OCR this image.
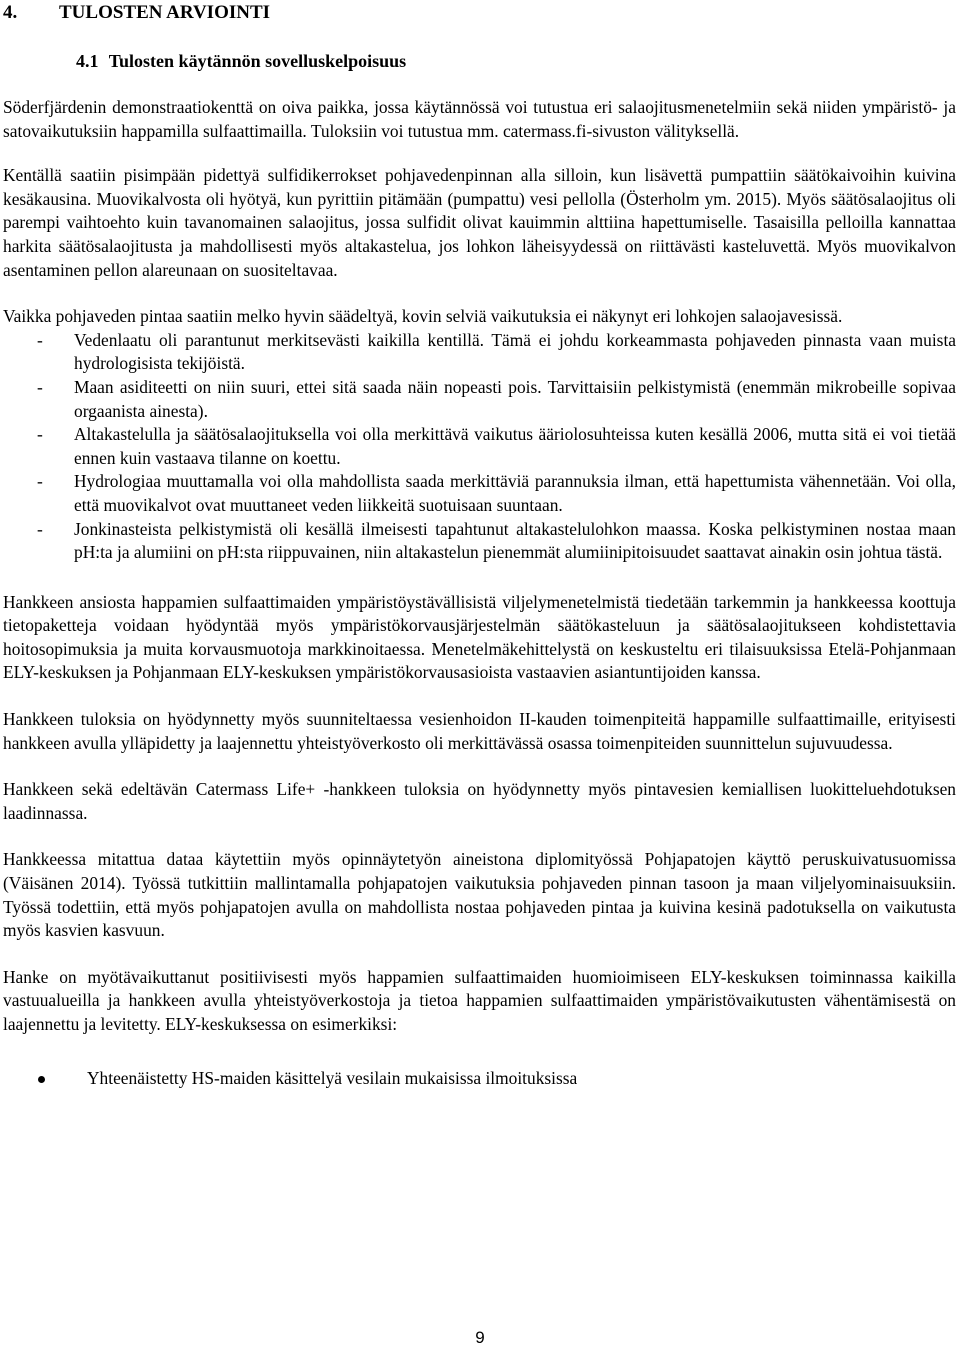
4. TULOSTEN ARVIOINTI
4.1 Tulosten käytännön sovelluskelpoisuus

Söderfjärdenin demonstraatiokenttä on oiva paikka, jossa käytännössä voi tutustua eri salaojitusmenetelmiin sekä niiden ympäristö- ja satovaikutuksiin happamilla sulfaattimailla. Tuloksiin voi tutustua mm. catermass.fi-sivuston välityksellä.

Kentällä saatiin pisimpään pidettyä sulfidikerrokset pohjavedenpinnan alla silloin, kun lisävettä pumpattiin säätökaivoihin kuivina kesäkausina. Muovikalvosta oli hyötyä, kun pyrittiin pitämään (pumpattu) vesi pellolla (Österholm ym. 2015). Myös säätösalaojitus oli parempi vaihtoehto kuin tavanomainen salaojitus, jossa sulfidit olivat kauimmin alttiina hapettumiselle. Tasaisilla pelloilla kannattaa harkita säätösalaojitusta ja mahdollisesti myös altakastelua, jos lohkon läheisyydessä on riittävästi kasteluvettä. Myös muovikalvon asentaminen pellon alareunaan on suositeltavaa.

Vaikka pohjaveden pintaa saatiin melko hyvin säädeltyä, kovin selviä vaikutuksia ei näkynyt eri lohkojen salaojavesissä.

- Vedenlaatu oli parantunut merkitsevästi kaikilla kentillä. Tämä ei johdu korkeammasta pohjaveden pinnasta vaan muista hydrologisista tekijöistä.
- Maan asiditeetti on niin suuri, ettei sitä saada näin nopeasti pois. Tarvittaisiin pelkistymistä (enemmän mikrobeille sopivaa orgaanista ainesta).
- Altakastelulla ja säätösalaojituksella voi olla merkittävä vaikutus ääriolosuhteissa kuten kesällä 2006, mutta sitä ei voi tietää ennen kuin vastaava tilanne on koettu.
- Hydrologiaa muuttamalla voi olla mahdollista saada merkittäviä parannuksia ilman, että hapettumista vähennetään. Voi olla, että muovikalvot ovat muuttaneet veden liikkeitä suotuisaan suuntaan.
- Jonkinasteista pelkistymistä oli kesällä ilmeisesti tapahtunut altakastelulohkon maassa. Koska pelkistyminen nostaa maan pH:ta ja alumiini on pH:sta riippuvainen, niin altakastelun pienemmät alumiinipitoisuudet saattavat ainakin osin johtua tästä.

Hankkeen ansiosta happamien sulfaattimaiden ympäristöystävällisistä viljelymenetelmistä tiedetään tarkemmin ja hankkeessa koottuja tietopaketteja voidaan hyödyntää myös ympäristökorvausjärjestelmän säätökasteluun ja säätösalaojitukseen kohdistettavia hoitosopimuksia ja muita korvausmuotoja markkinoitaessa. Menetelmäkehittelystä on keskusteltu eri tilaisuuksissa Etelä-Pohjanmaan ELY-keskuksen ja Pohjanmaan ELY-keskuksen ympäristökorvausasioista vastaavien asiantuntijoiden kanssa.

Hankkeen tuloksia on hyödynnetty myös suunniteltaessa vesienhoidon II-kauden toimenpiteitä happamille sulfaattimaille, erityisesti hankkeen avulla ylläpidetty ja laajennettu yhteistyöverkosto oli merkittävässä osassa toimenpiteiden suunnittelun sujuvuudessa.

Hankkeen sekä edeltävän Catermass Life+ -hankkeen tuloksia on hyödynnetty myös pintavesien kemiallisen luokitteluehdotuksen laadinnassa.

Hankkeessa mitattua dataa käytettiin myös opinnäytetyön aineistona diplomityössä Pohjapatojen käyttö peruskuivatusuomissa (Väisänen 2014). Työssä tutkittiin mallintamalla pohjapatojen vaikutuksia pohjaveden pinnan tasoon ja maan viljelyominaisuuksiin. Työssä todettiin, että myös pohjapatojen avulla on mahdollista nostaa pohjaveden pintaa ja kuivina kesinä padotuksella on vaikutusta myös kasvien kasvuun.

Hanke on myötävaikuttanut positiivisesti myös happamien sulfaattimaiden huomioimiseen ELY-keskuksen toiminnassa kaikilla vastuualueilla ja hankkeen avulla yhteistyöverkostoja ja tietoa happamien sulfaattimaiden ympäristövaikutusten vähentämisestä on laajennettu ja levitetty. ELY-keskuksessa on esimerkiksi:

Yhteenäistetty HS-maiden käsittelyä vesilain mukaisissa ilmoituksissa
9
